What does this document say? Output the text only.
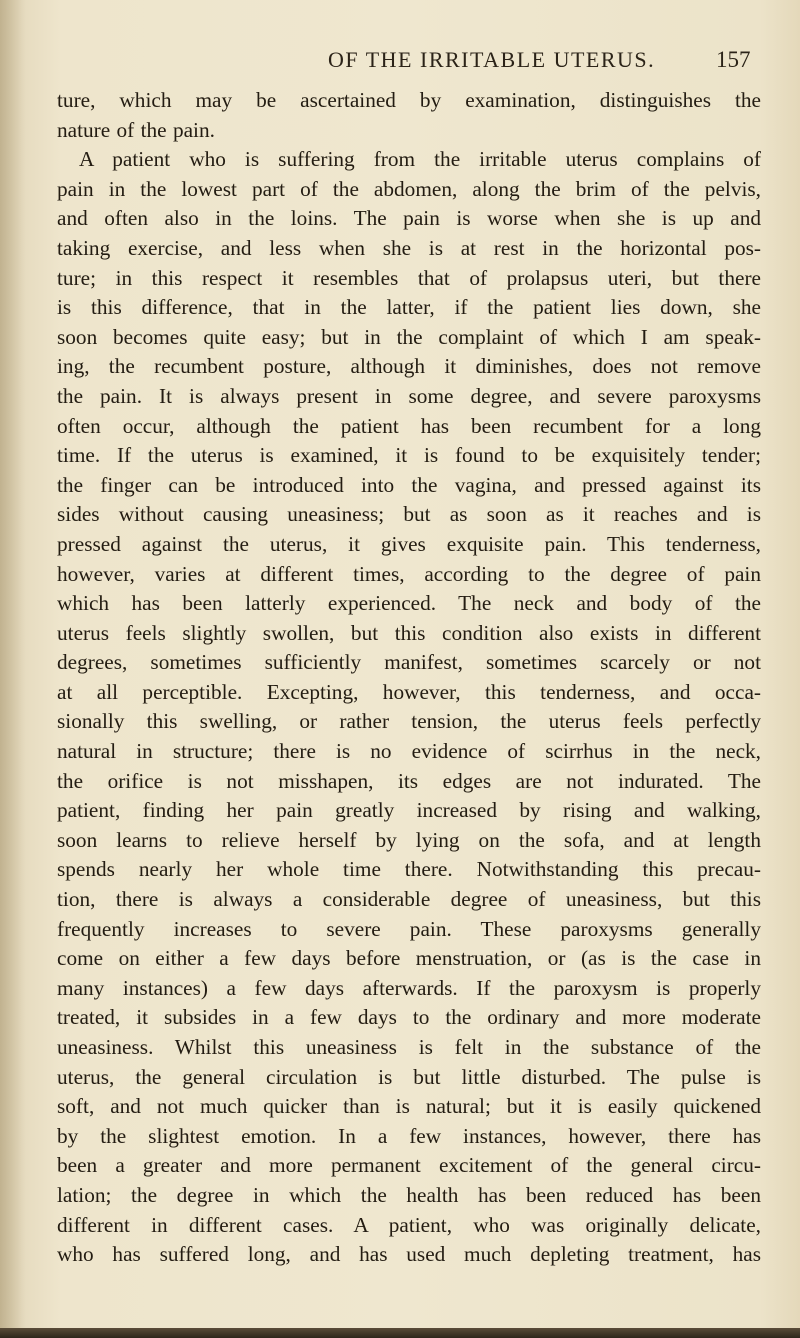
OF THE IRRITABLE UTERUS.	157
ture, which may be ascertained by examination, distinguishes the
nature of the pain.
A patient who is suffering from the irritable uterus complains of
pain in the lowest part of the abdomen, along the brim of the pelvis,
and often also in the loins. The pain is worse when she is up and
taking exercise, and less when she is at rest in the horizontal pos-
ture; in this respect it resembles that of prolapsus uteri, but there
is this difference, that in the latter, if the patient lies down, she
soon becomes quite easy; but in the complaint of which I am speak-
ing, the recumbent posture, although it diminishes, does not remove
the pain. It is always present in some degree, and severe paroxysms
often occur, although the patient has been recumbent for a long
time. If the uterus is examined, it is found to be exquisitely tender;
the finger can be introduced into the vagina, and pressed against its
sides without causing uneasiness; but as soon as it reaches and is
pressed against the uterus, it gives exquisite pain. This tenderness,
however, varies at different times, according to the degree of pain
which has been latterly experienced. The neck and body of the
uterus feels slightly swollen, but this condition also exists in different
degrees, sometimes sufficiently manifest, sometimes scarcely or not
at all perceptible. Excepting, however, this tenderness, and occa-
sionally this swelling, or rather tension, the uterus feels perfectly
natural in structure; there is no evidence of scirrhus in the neck,
the orifice is not misshapen, its edges are not indurated. The
patient, finding her pain greatly increased by rising and walking,
soon learns to relieve herself by lying on the sofa, and at length
spends nearly her whole time there. Notwithstanding this precau-
tion, there is always a considerable degree of uneasiness, but this
frequently increases to severe pain. These paroxysms generally
come on either a few days before menstruation, or (as is the case in
many instances) a few days afterwards. If the paroxysm is properly
treated, it subsides in a few days to the ordinary and more moderate
uneasiness. Whilst this uneasiness is felt in the substance of the
uterus, the general circulation is but little disturbed. The pulse is
soft, and not much quicker than is natural; but it is easily quickened
by the slightest emotion. In a few instances, however, there has
been a greater and more permanent excitement of the general circu-
lation; the degree in which the health has been reduced has been
different in different cases. A patient, who was originally delicate,
who has suffered long, and has used much depleting treatment, has
